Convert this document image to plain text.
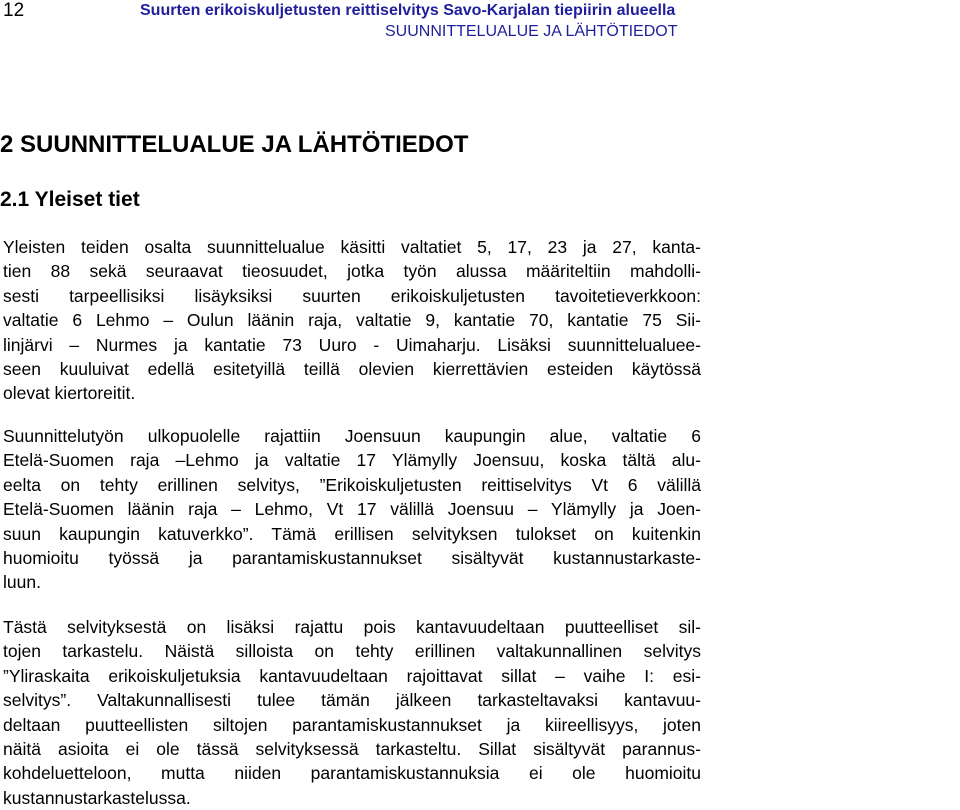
12	Suurten erikoiskuljetusten reittiselvitys Savo-Karjalan tiepiirin alueella
SUUNNITTELUALUE JA LÄHTÖTIEDOT
2 SUUNNITTELUALUE JA LÄHTÖTIEDOT
2.1 Yleiset tiet
Yleisten teiden osalta suunnittelualue käsitti valtatiet 5, 17, 23 ja 27, kanta-
tien 88 sekä seuraavat tieosuudet, jotka työn alussa määriteltiin mahdolli-
sesti tarpeellisiksi lisäyksiksi suurten erikoiskuljetusten tavoitetieverkkoon:
valtatie 6 Lehmo – Oulun läänin raja, valtatie 9, kantatie 70, kantatie 75 Sii-
linjärvi – Nurmes ja kantatie 73 Uuro - Uimaharju. Lisäksi suunnittelualuee-
seen kuuluivat edellä esitetyillä teillä olevien kierrettävien esteiden käytössä
olevat kiertoreitit.
Suunnittelutyön ulkopuolelle rajattiin Joensuun kaupungin alue, valtatie 6
Etelä-Suomen raja –Lehmo ja valtatie 17 Ylämylly Joensuu, koska tältä alu-
eelta on tehty erillinen selvitys, ”Erikoiskuljetusten reittiselvitys Vt 6 välillä
Etelä-Suomen läänin raja – Lehmo, Vt 17 välillä Joensuu – Ylämylly ja Joen-
suun kaupungin katuverkko”. Tämä erillisen selvityksen tulokset on kuitenkin
huomioitu työssä ja parantamiskustannukset sisältyvät kustannustarkaste-
luun.
Tästä selvityksestä on lisäksi rajattu pois kantavuudeltaan puutteelliset sil-
tojen tarkastelu. Näistä silloista on tehty erillinen valtakunnallinen selvitys
”Yliraskaita erikoiskuljetuksia kantavuudeltaan rajoittavat sillat – vaihe I: esi-
selvitys”. Valtakunnallisesti tulee tämän jälkeen tarkasteltavaksi kantavuu-
deltaan puutteellisten siltojen parantamiskustannukset ja kiireellisyys, joten
näitä asioita ei ole tässä selvityksessä tarkasteltu. Sillat sisältyvät parannus-
kohdeluetteloon, mutta niiden parantamiskustannuksia ei ole huomioitu
kustannustarkastelussa.
